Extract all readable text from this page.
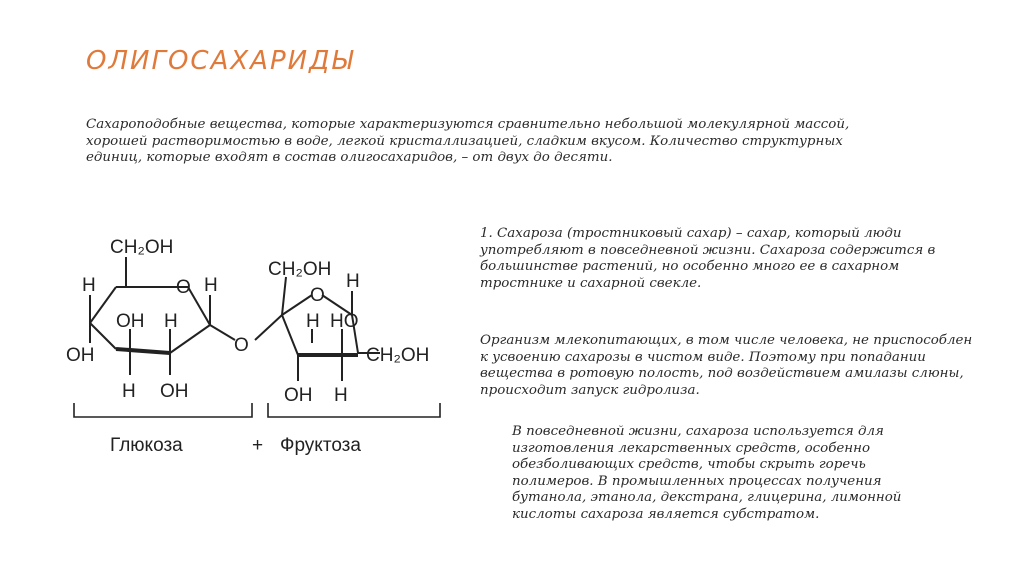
ОЛИГОСАХАРИДЫ
Сахароподобные вещества, которые характеризуются сравнительно небольшой молекулярной массой, хорошей растворимостью в воде, легкой кристаллизацией, сладким вкусом. Количество структурных единиц, которые входят в состав олигосахаридов, – от двух до десяти.
CH₂OH
O
H	H
OH H
OH
H OH
O
CH₂OH
O
H
HO
H
CH₂OH
OH H
Глюкоза	+ Фруктоза
1. Сахароза (тростниковый сахар) – сахар, который люди употребляют в повседневной жизни. Сахароза содержится в большинстве растений, но особенно много ее в сахарном тростнике и сахарной свекле.
Организм млекопитающих, в том числе человека, не приспособлен к усвоению сахарозы в чистом виде. Поэтому при попадании вещества в ротовую полость, под воздействием амилазы слюны, происходит запуск гидролиза.
В повседневной жизни, сахароза используется для изготовления лекарственных средств, особенно обезболивающих средств, чтобы скрыть горечь полимеров. В промышленных процессах получения бутанола, этанола, декстрана, глицерина, лимонной кислоты сахароза является субстратом.
